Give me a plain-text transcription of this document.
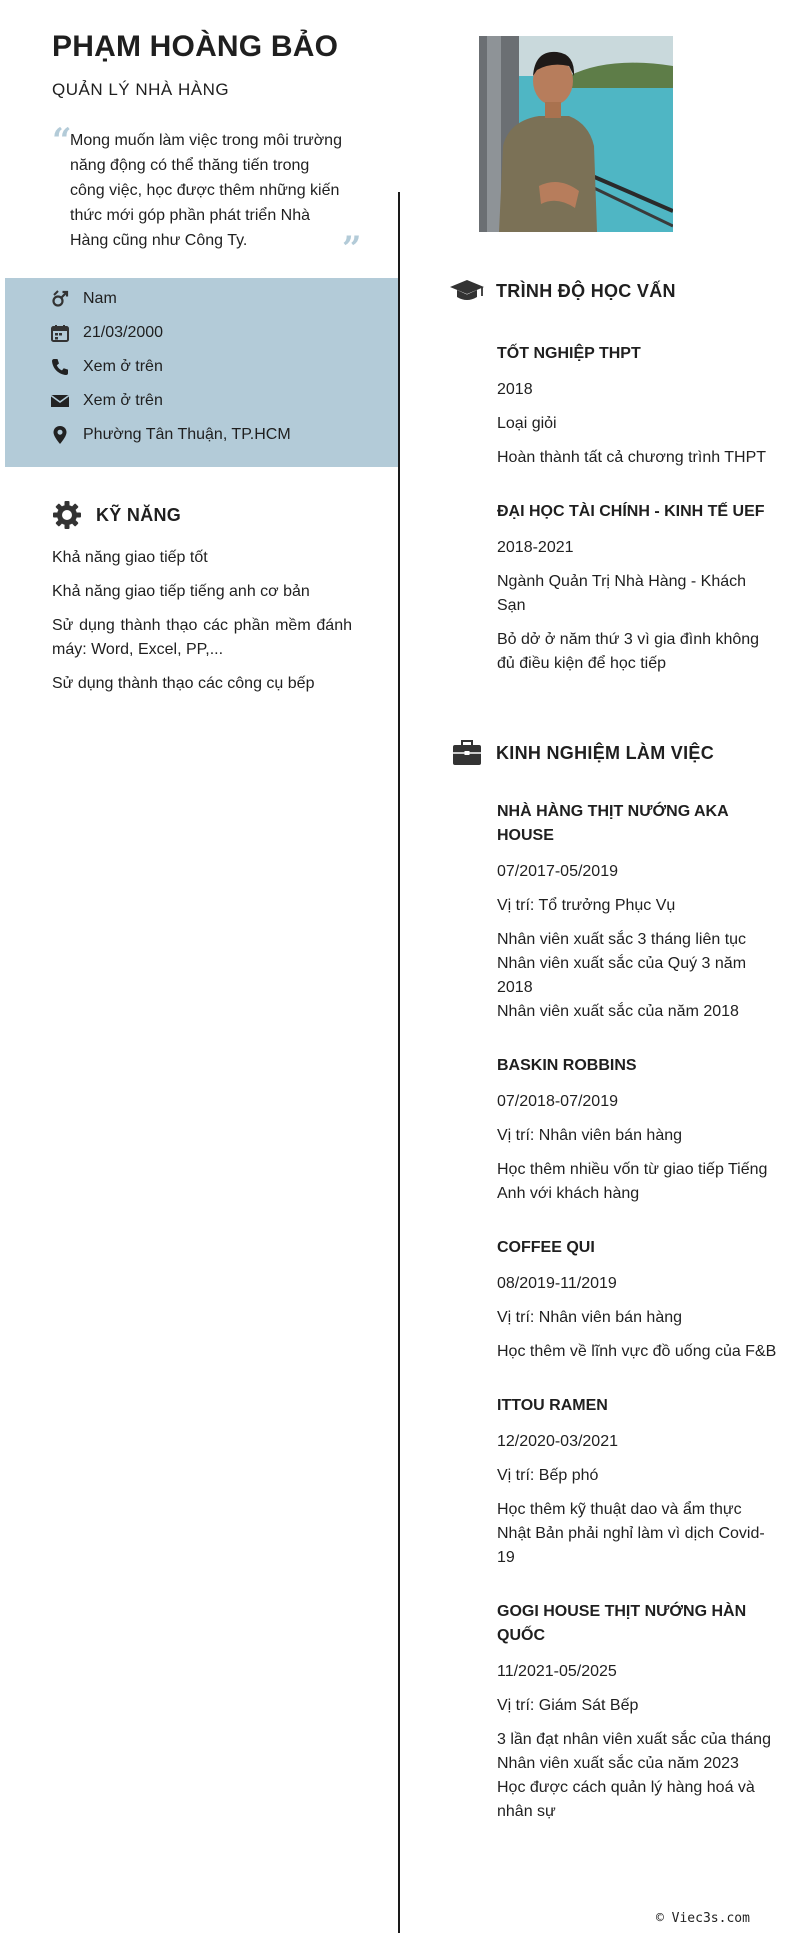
PHẠM HOÀNG BẢO

QUẢN LÝ NHÀ HÀNG

“

Mong muốn làm việc trong môi trường năng động có thể thăng tiến trong công việc, học được thêm những kiến thức mới góp phần phát triển Nhà Hàng cũng như Công Ty.	”
Nam
21/03/2000
Xem ở trên
Xem ở trên
Phường Tân Thuận, TP.HCM
KỸ NĂNG

Khả năng giao tiếp tốt

Khả năng giao tiếp tiếng anh cơ bản

Sử dụng thành thạo các phần mềm đánh máy: Word, Excel, PP,...

Sử dụng thành thạo các công cụ bếp

TRÌNH ĐỘ HỌC VẤN

TỐT NGHIỆP THPT

2018

Loại giỏi

Hoàn thành tất cả chương trình THPT

ĐẠI HỌC TÀI CHÍNH - KINH TẾ UEF

2018-2021

Ngành Quản Trị Nhà Hàng - Khách Sạn

Bỏ dở ở năm thứ 3 vì gia đình không đủ điều kiện để học tiếp

KINH NGHIỆM LÀM VIỆC

NHÀ HÀNG THỊT NƯỚNG AKA HOUSE

07/2017-05/2019

Vị trí: Tổ trưởng Phục Vụ

Nhân viên xuất sắc 3 tháng liên tục

Nhân viên xuất sắc của Quý 3 năm 2018

Nhân viên xuất sắc của năm 2018

BASKIN ROBBINS

07/2018-07/2019

Vị trí: Nhân viên bán hàng

Học thêm nhiều vốn từ giao tiếp Tiếng Anh với khách hàng

COFFEE QUI

08/2019-11/2019

Vị trí: Nhân viên bán hàng

Học thêm về lĩnh vực đồ uống của F&B

ITTOU RAMEN

12/2020-03/2021

Vị trí: Bếp phó

Học thêm kỹ thuật dao và ẩm thực Nhật Bản phải nghỉ làm vì dịch Covid-19

GOGI HOUSE THỊT NƯỚNG HÀN QUỐC

11/2021-05/2025

Vị trí: Giám Sát Bếp

3 lần đạt nhân viên xuất sắc của tháng

Nhân viên xuất sắc của năm 2023

Học được cách quản lý hàng hoá và nhân sự

© Viec3s.com
